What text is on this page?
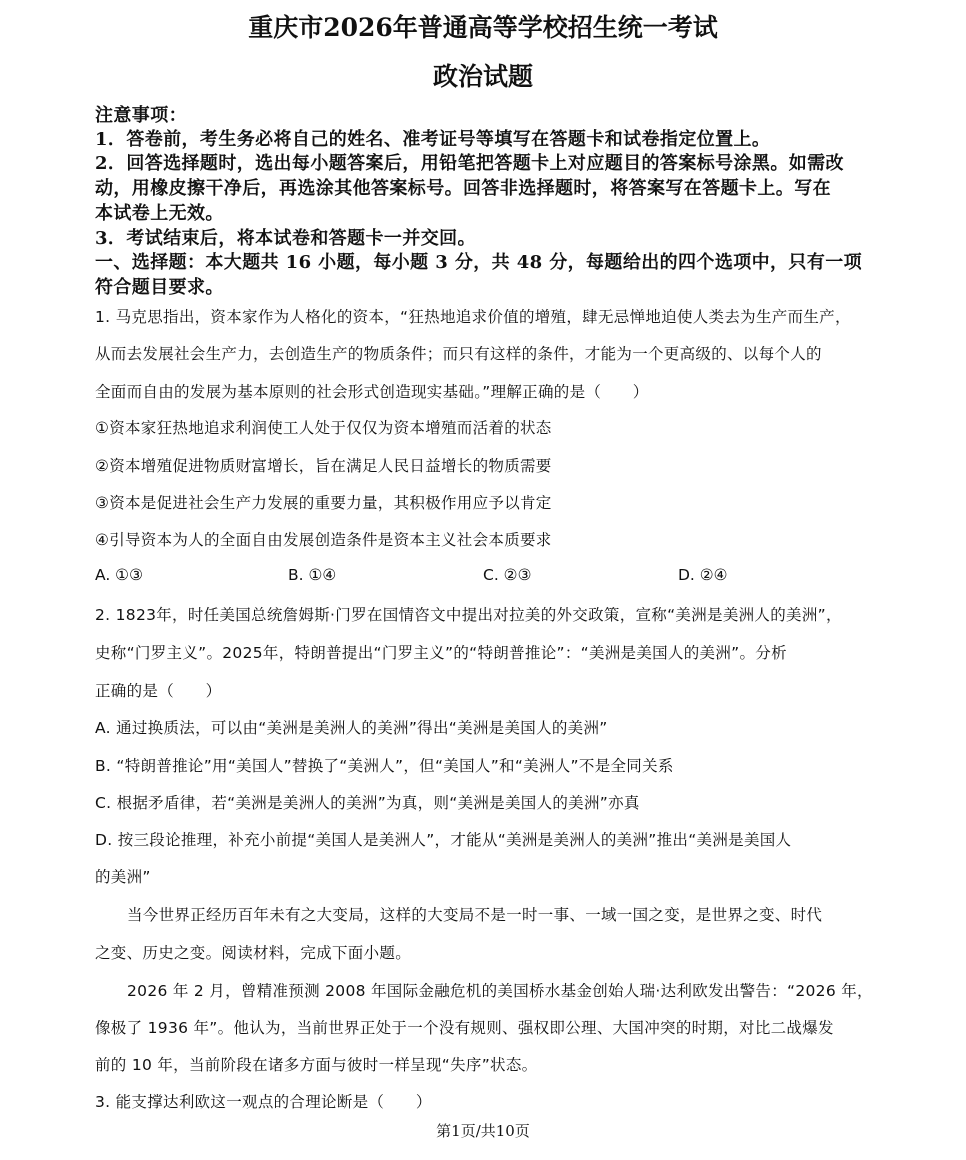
重庆市2026年普通高等学校招生统一考试
政治试题
注意事项：
1．答卷前，考生务必将自己的姓名、准考证号等填写在答题卡和试卷指定位置上。
2．回答选择题时，选出每小题答案后，用铅笔把答题卡上对应题目的答案标号涂黑。如需改
动，用橡皮擦干净后，再选涂其他答案标号。回答非选择题时，将答案写在答题卡上。写在
本试卷上无效。
3．考试结束后，将本试卷和答题卡一并交回。
一、选择题：本大题共 16 小题，每小题 3 分，共 48 分，每题给出的四个选项中，只有一项
符合题目要求。
1. 马克思指出，资本家作为人格化的资本，“狂热地追求价值的增殖，肆无忌惮地迫使人类去为生产而生产，
从而去发展社会生产力，去创造生产的物质条件；而只有这样的条件，才能为一个更高级的、以每个人的
全面而自由的发展为基本原则的社会形式创造现实基础。”理解正确的是（　　）
①资本家狂热地追求利润使工人处于仅仅为资本增殖而活着的状态
②资本增殖促进物质财富增长，旨在满足人民日益增长的物质需要
③资本是促进社会生产力发展的重要力量，其积极作用应予以肯定
④引导资本为人的全面自由发展创造条件是资本主义社会本质要求
A. ①③	B. ①④	C. ②③	D. ②④
2. 1823年，时任美国总统詹姆斯·门罗在国情咨文中提出对拉美的外交政策，宣称“美洲是美洲人的美洲”，
史称“门罗主义”。2025年，特朗普提出“门罗主义”的“特朗普推论”：“美洲是美国人的美洲”。分析
正确的是（　　）
A. 通过换质法，可以由“美洲是美洲人的美洲”得出“美洲是美国人的美洲”
B. “特朗普推论”用“美国人”替换了“美洲人”，但“美国人”和“美洲人”不是全同关系
C. 根据矛盾律，若“美洲是美洲人的美洲”为真，则“美洲是美国人的美洲”亦真
D. 按三段论推理，补充小前提“美国人是美洲人”，才能从“美洲是美洲人的美洲”推出“美洲是美国人
的美洲”
当今世界正经历百年未有之大变局，这样的大变局不是一时一事、一域一国之变，是世界之变、时代
之变、历史之变。阅读材料，完成下面小题。
2026 年 2 月，曾精准预测 2008 年国际金融危机的美国桥水基金创始人瑞·达利欧发出警告：“2026 年，
像极了 1936 年”。他认为，当前世界正处于一个没有规则、强权即公理、大国冲突的时期，对比二战爆发
前的 10 年，当前阶段在诸多方面与彼时一样呈现“失序”状态。
3. 能支撑达利欧这一观点的合理论断是（　　）
第1页/共10页
